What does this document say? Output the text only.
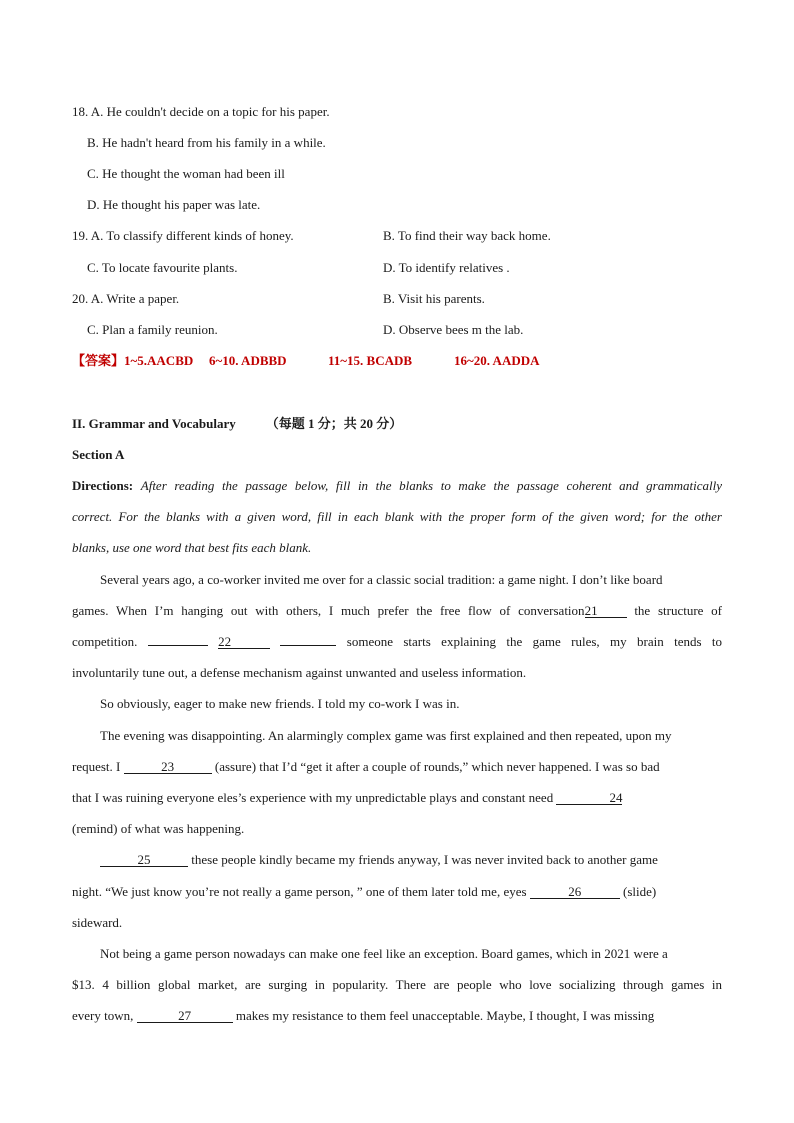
18. A. He couldn't decide on a topic for his paper.
B. He hadn't heard from his family in a while.
C. He thought the woman had been ill
D. He thought his paper was late.
19. A. To classify different kinds of honey.	B. To find their way back home.
C. To locate favourite plants.	D. To identify relatives .
20. A. Write a paper.	B. Visit his parents.
C. Plan a family reunion.	D. Observe bees m the lab.
【答案】1~5.AACBD 6~10. ADBBD	11~15. BCADB	16~20. AADDA
II. Grammar and Vocabulary （每题 1 分；共 20 分）
Section A
Directions: After reading the passage below, fill in the blanks to make the passage coherent and grammatically
correct. For the blanks with a given word, fill in each blank with the proper form of the given word; for the other
blanks, use one word that best fits each blank.
Several years ago, a co-worker invited me over for a classic social tradition: a game night. I don’t like board
games. When I’m hanging out with others, I much prefer the free flow of conversation21	the structure of
competition.	22	someone starts explaining the game rules, my brain tends to
involuntarily tune out, a defense mechanism against unwanted and useless information.
So obviously, eager to make new friends. I told my co-work I was in.
The evening was disappointing. An alarmingly complex game was first explained and then repeated, upon my
request. I	23	(assure) that I’d “get it after a couple of rounds,” which never happened. I was so bad
that I was ruining everyone eles’s experience with my unpredictable plays and constant need	24
(remind) of what was happening.
25	these people kindly became my friends anyway, I was never invited back to another game
night. “We just know you’re not really a game person, ” one of them later told me, eyes	26	(slide)
sideward.
Not being a game person nowadays can make one feel like an exception. Board games, which in 2021 were a
$13. 4 billion global market, are surging in popularity. There are people who love socializing through games in
every town,	27	makes my resistance to them feel unacceptable. Maybe, I thought, I was missing
